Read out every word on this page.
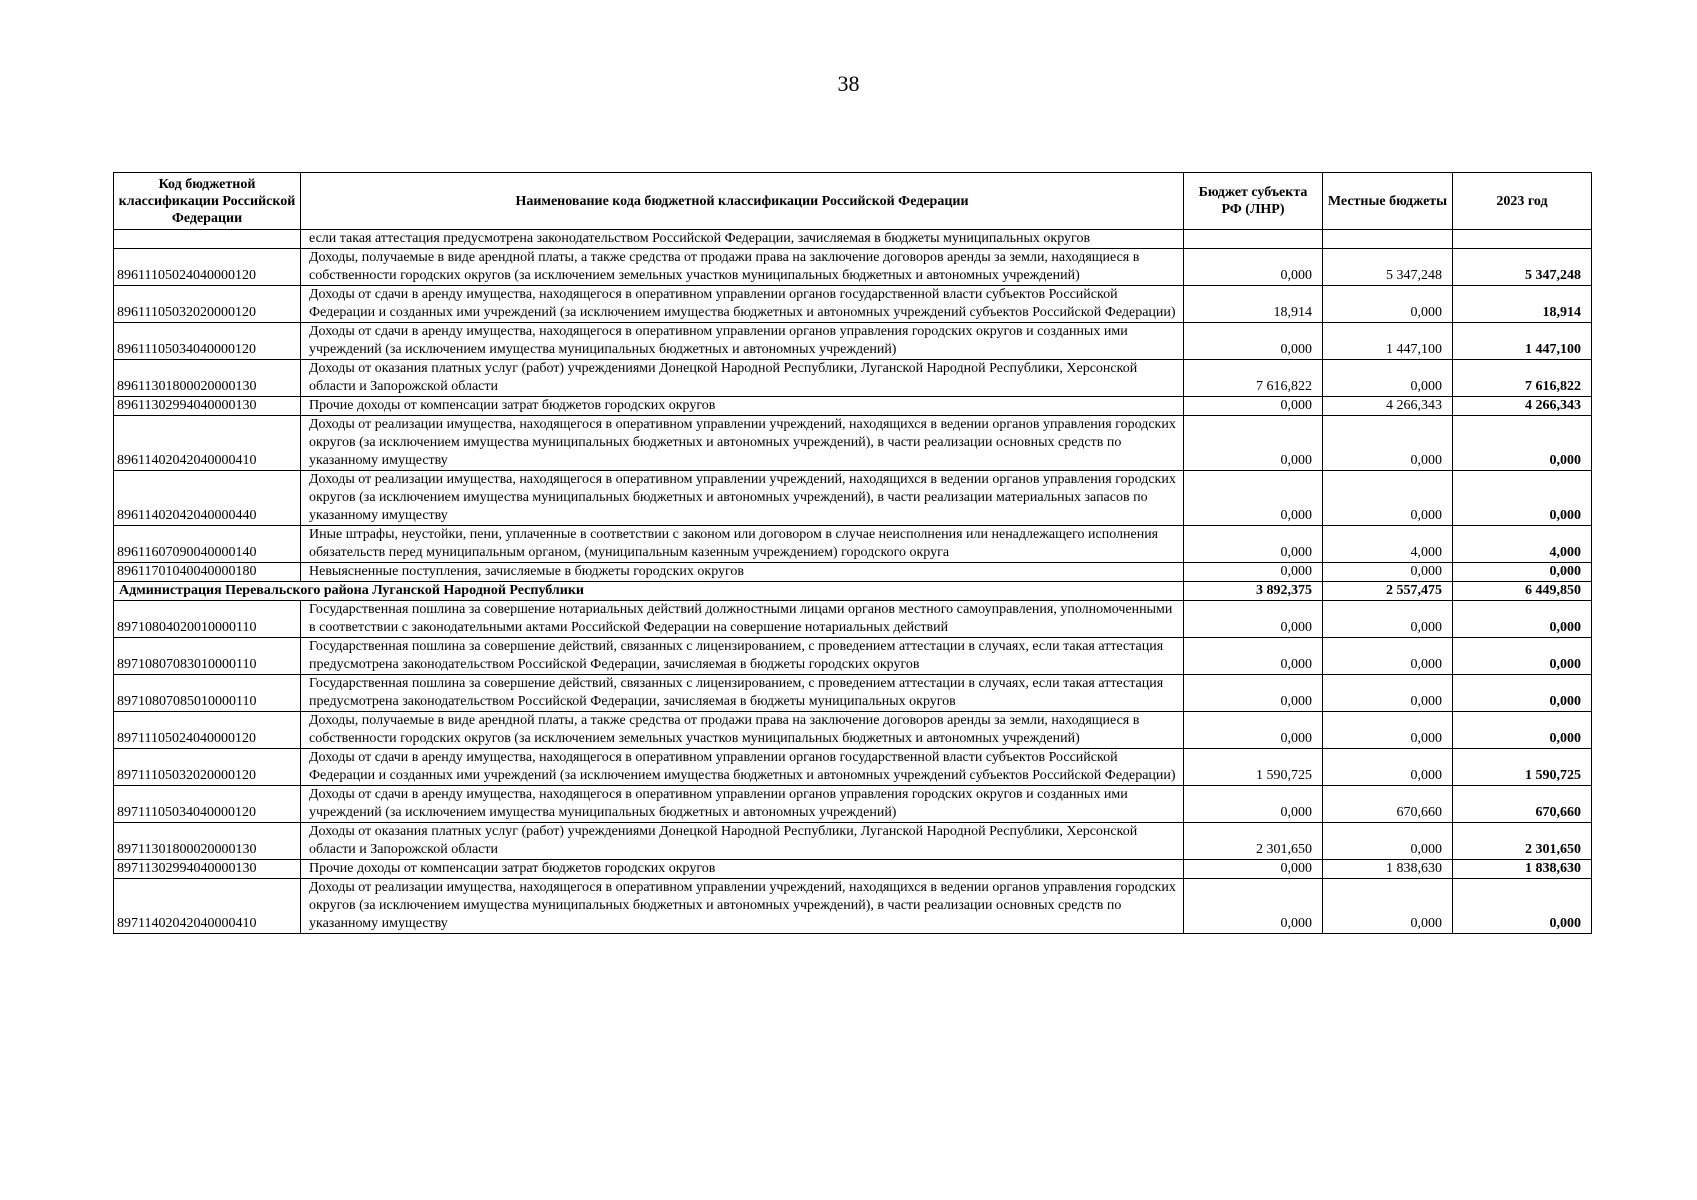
38
Код бюджетной классификации Российской Федерации	Наименование кода бюджетной классификации Российской Федерации	Бюджет субъекта РФ (ЛНР)	Местные бюджеты	2023 год
	если такая аттестация предусмотрена законодательством Российской Федерации, зачисляемая в бюджеты муниципальных округов			
89611105024040000120	Доходы, получаемые в виде арендной платы, а также средства от продажи права на заключение договоров аренды за земли, находящиеся в собственности городских округов (за исключением земельных участков муниципальных бюджетных и автономных учреждений)	0,000	5 347,248	5 347,248
89611105032020000120	Доходы от сдачи в аренду имущества, находящегося в оперативном управлении органов государственной власти субъектов Российской Федерации и созданных ими учреждений (за исключением имущества бюджетных и автономных учреждений субъектов Российской Федерации)	18,914	0,000	18,914
89611105034040000120	Доходы от сдачи в аренду имущества, находящегося в оперативном управлении органов управления городских округов и созданных ими учреждений (за исключением имущества муниципальных бюджетных и автономных учреждений)	0,000	1 447,100	1 447,100
89611301800020000130	Доходы от оказания платных услуг (работ) учреждениями Донецкой Народной Республики, Луганской Народной Республики, Херсонской области и Запорожской области	7 616,822	0,000	7 616,822
89611302994040000130	Прочие доходы от компенсации затрат бюджетов городских округов	0,000	4 266,343	4 266,343
89611402042040000410	Доходы от реализации имущества, находящегося в оперативном управлении учреждений, находящихся в ведении органов управления городских округов (за исключением имущества муниципальных бюджетных и автономных учреждений), в части реализации основных средств по указанному имуществу	0,000	0,000	0,000
89611402042040000440	Доходы от реализации имущества, находящегося в оперативном управлении учреждений, находящихся в ведении органов управления городских округов (за исключением имущества муниципальных бюджетных и автономных учреждений), в части реализации материальных запасов по указанному имуществу	0,000	0,000	0,000
89611607090040000140	Иные штрафы, неустойки, пени, уплаченные в соответствии с законом или договором в случае неисполнения или ненадлежащего исполнения обязательств перед муниципальным органом, (муниципальным казенным учреждением) городского округа	0,000	4,000	4,000
89611701040040000180	Невыясненные поступления, зачисляемые в бюджеты городских округов	0,000	0,000	0,000
Администрация Перевальского района Луганской Народной Республики		3 892,375	2 557,475	6 449,850
89710804020010000110	Государственная пошлина за совершение нотариальных действий должностными лицами органов местного самоуправления, уполномоченными в соответствии с законодательными актами Российской Федерации на совершение нотариальных действий	0,000	0,000	0,000
89710807083010000110	Государственная пошлина за совершение действий, связанных с лицензированием, с проведением аттестации в случаях, если такая аттестация предусмотрена законодательством Российской Федерации, зачисляемая в бюджеты городских округов	0,000	0,000	0,000
89710807085010000110	Государственная пошлина за совершение действий, связанных с лицензированием, с проведением аттестации в случаях, если такая аттестация предусмотрена законодательством Российской Федерации, зачисляемая в бюджеты муниципальных округов	0,000	0,000	0,000
89711105024040000120	Доходы, получаемые в виде арендной платы, а также средства от продажи права на заключение договоров аренды за земли, находящиеся в собственности городских округов (за исключением земельных участков муниципальных бюджетных и автономных учреждений)	0,000	0,000	0,000
89711105032020000120	Доходы от сдачи в аренду имущества, находящегося в оперативном управлении органов государственной власти субъектов Российской Федерации и созданных ими учреждений (за исключением имущества бюджетных и автономных учреждений субъектов Российской Федерации)	1 590,725	0,000	1 590,725
89711105034040000120	Доходы от сдачи в аренду имущества, находящегося в оперативном управлении органов управления городских округов и созданных ими учреждений (за исключением имущества муниципальных бюджетных и автономных учреждений)	0,000	670,660	670,660
89711301800020000130	Доходы от оказания платных услуг (работ) учреждениями Донецкой Народной Республики, Луганской Народной Республики, Херсонской области и Запорожской области	2 301,650	0,000	2 301,650
89711302994040000130	Прочие доходы от компенсации затрат бюджетов городских округов	0,000	1 838,630	1 838,630
89711402042040000410	Доходы от реализации имущества, находящегося в оперативном управлении учреждений, находящихся в ведении органов управления городских округов (за исключением имущества муниципальных бюджетных и автономных учреждений), в части реализации основных средств по указанному имуществу	0,000	0,000	0,000
